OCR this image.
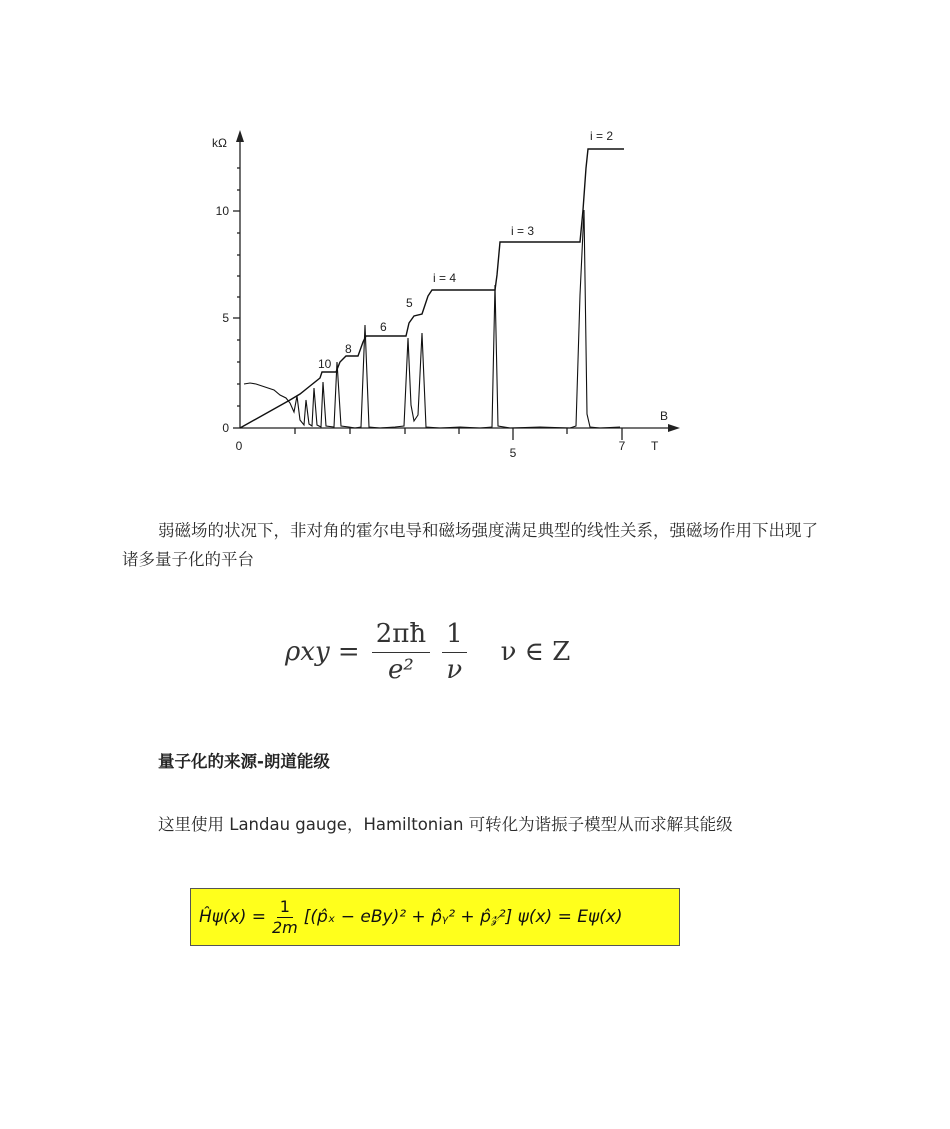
kΩ
10
5
0
0	5	7
B
T
10
8
6
5
i = 4
i = 3
i = 2
弱磁场的状况下，非对角的霍尔电导和磁场强度满足典型的线性关系，强磁场作用下出现了诸多量子化的平台
$\rho xy = \frac{2\pi ħ}{\text{e²}} \frac{1}{\nu}$ ν ∈ Z
量子化的来源-朗道能级
这里使用 Landau gauge，Hamiltonian 可转化为谐振子模型从而求解其能级
Ĥψ(x) = $\frac{1}{2m}$ [(p̂ₓ − eBy)² + p̂ᵧ² + p̂𝓏²] ψ(x) = Eψ(x)
